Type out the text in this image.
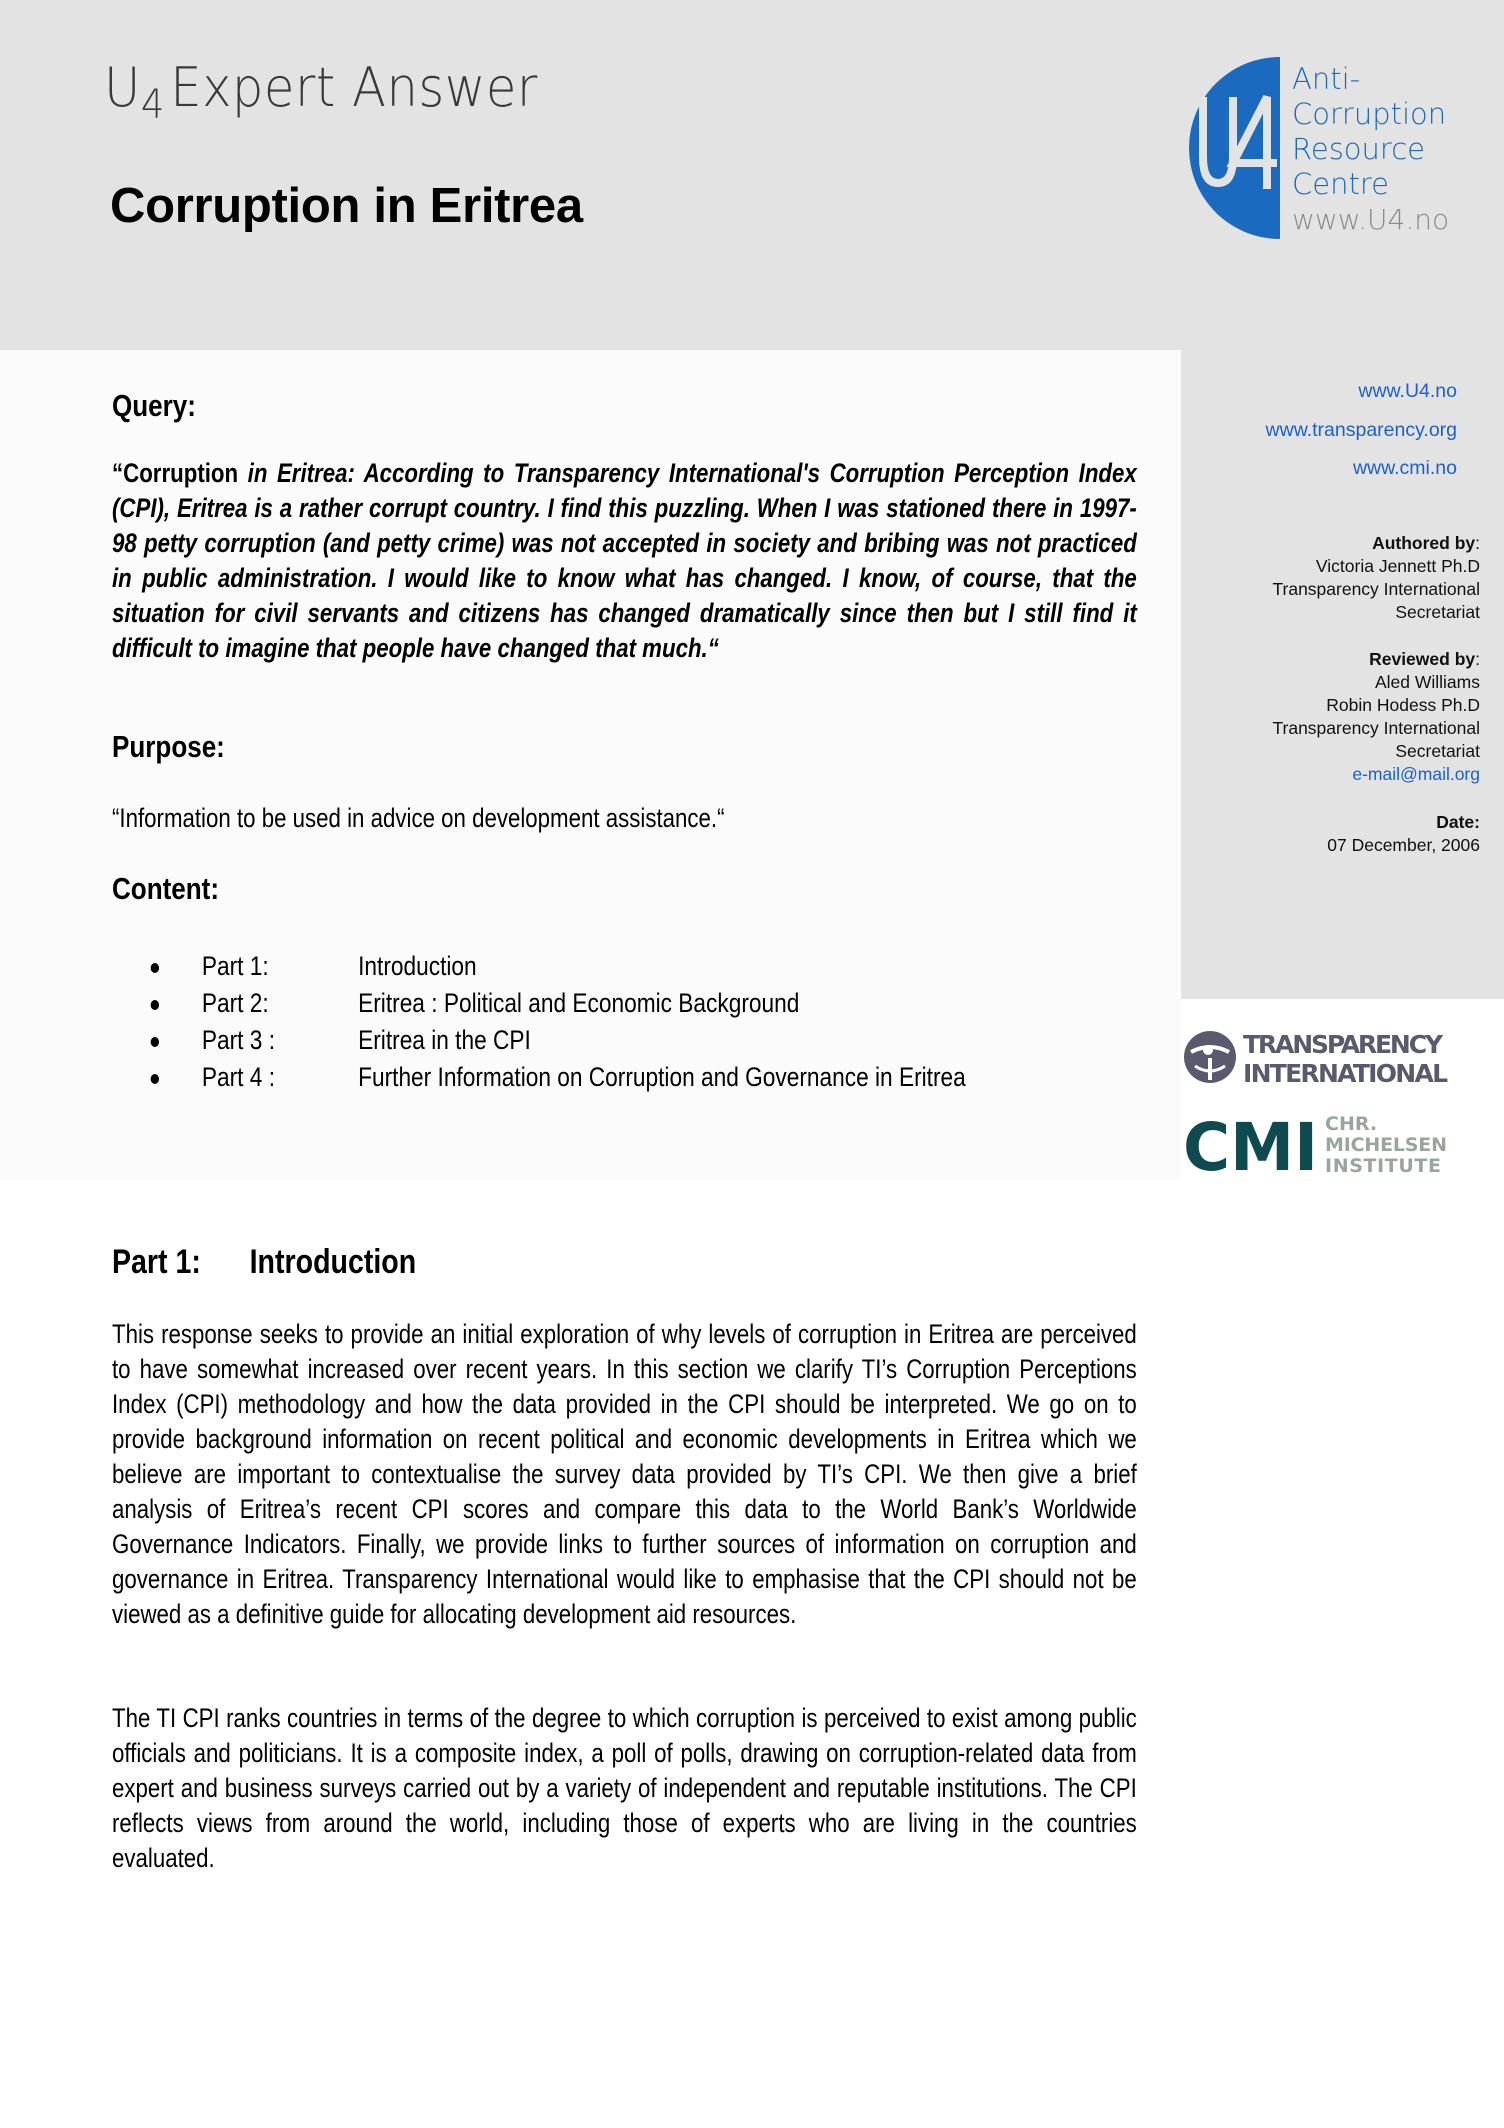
$U_4$ Expert Answer
Corruption in Eritrea
Anti-
Corruption
Resource
Centre
www.U4.no
Query:
“Corruption in Eritrea: According to Transparency International's Corruption Perception Index (CPI), Eritrea is a rather corrupt country. I find this puzzling. When I was stationed there in 1997-98 petty corruption (and petty crime) was not accepted in society and bribing was not practiced in public administration. I would like to know what has changed. I know, of course, that the situation for civil servants and citizens has changed dramatically since then but I still find it difficult to imagine that people have changed that much.“
Purpose:
“Information to be used in advice on development assistance.“
Content:
Part 1:	Introduction
Part 2:	Eritrea : Political and Economic Background
Part 3 :	Eritrea in the CPI
Part 4 :	Further Information on Corruption and Governance in Eritrea
www.U4.no
www.transparency.org
www.cmi.no
Authored by:
Victoria Jennett Ph.D
Transparency International
Secretariat
Reviewed by:
Aled Williams
Robin Hodess Ph.D
Transparency International
Secretariat
e-mail@mail.org
Date:
07 December, 2006
TRANSPARENCY
INTERNATIONAL
CMI CHR.
MICHELSEN
INSTITUTE
Part 1: Introduction
This response seeks to provide an initial exploration of why levels of corruption in Eritrea are perceived to have somewhat increased over recent years. In this section we clarify TI’s Corruption Perceptions Index (CPI) methodology and how the data provided in the CPI should be interpreted. We go on to provide background information on recent political and economic developments in Eritrea which we believe are important to contextualise the survey data provided by TI’s CPI. We then give a brief analysis of Eritrea’s recent CPI scores and compare this data to the World Bank’s Worldwide Governance Indicators. Finally, we provide links to further sources of information on corruption and governance in Eritrea. Transparency International would like to emphasise that the CPI should not be viewed as a definitive guide for allocating development aid resources.
The TI CPI ranks countries in terms of the degree to which corruption is perceived to exist among public officials and politicians. It is a composite index, a poll of polls, drawing on corruption-related data from expert and business surveys carried out by a variety of independent and reputable institutions. The CPI reflects views from around the world, including those of experts who are living in the countries evaluated.
